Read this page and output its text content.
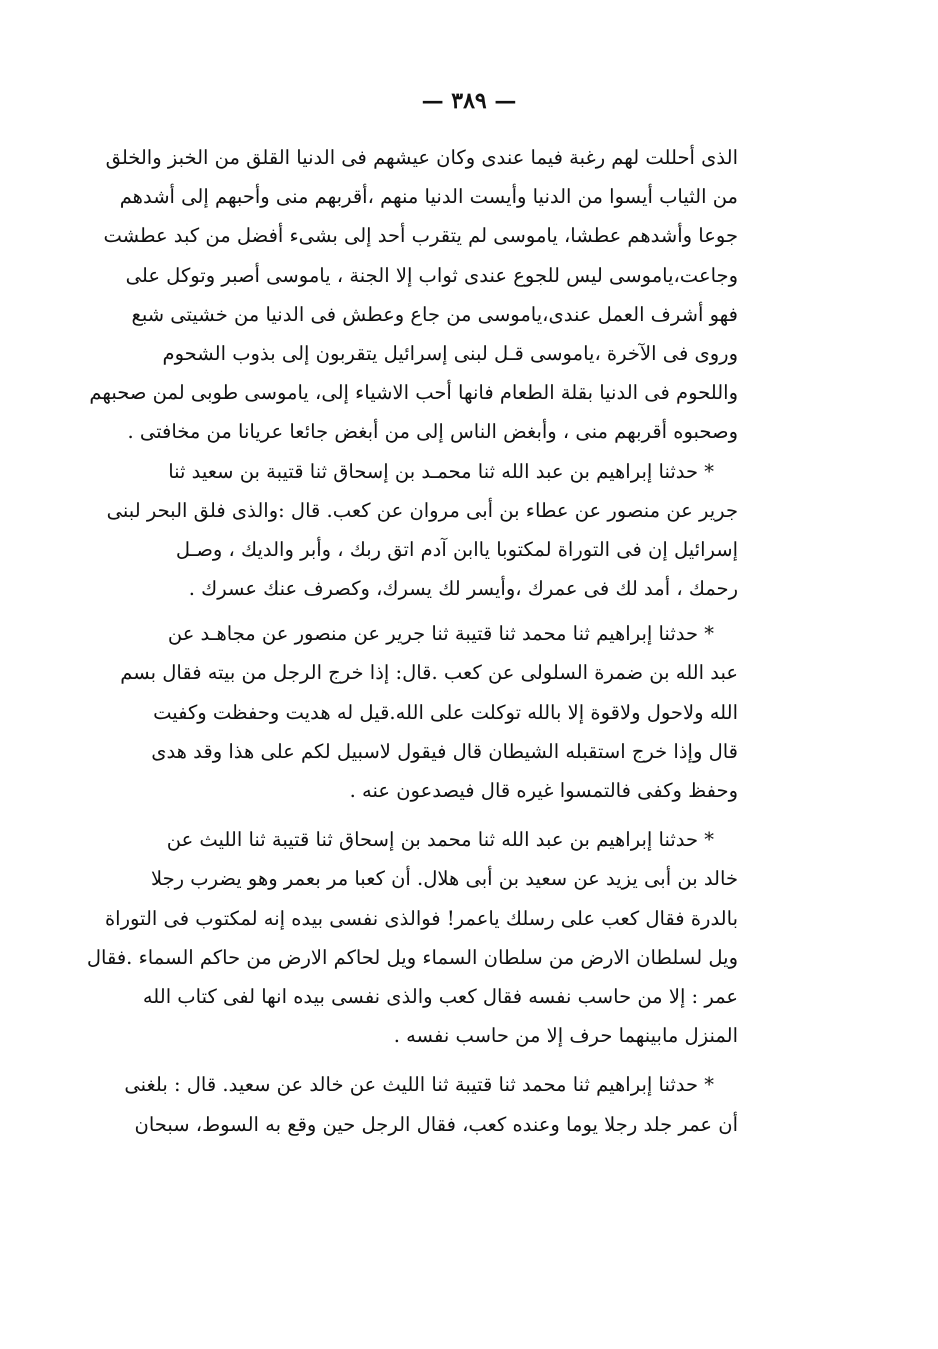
— ٣٨٩ —
الذى أحللت لهم رغبة فيما عندى وكان عيشهم فى الدنيا القلق من الخبز والخلق
من الثياب أيسوا من الدنيا وأيست الدنيا منهم ،أقربهم منى وأحبهم إلى أشدهم
جوعا وأشدهم عطشا، ياموسى لم يتقرب أحد إلى بشىء أفضل من كبد عطشت
وجاعت،ياموسى ليس للجوع عندى ثواب إلا الجنة ، ياموسى أصبر وتوكل على
فهو أشرف العمل عندى،ياموسى من جاع وعطش فى الدنيا من خشيتى شبع
وروى فى الآخرة ،ياموسى قـل لبنى إسرائيل يتقربون إلى بذوب الشحوم
واللحوم فى الدنيا بقلة الطعام فانها أحب الاشياء إلى، ياموسى طوبى لمن صحبهم
وصحبوه أقربهم منى ، وأبغض الناس إلى من أبغض جائعا عريانا من مخافتى .
* حدثنا إبراهيم بن عبد الله ثنا محمـد بن إسحاق ثنا قتيبة بن سعيد ثنا
جرير عن منصور عن عطاء بن أبى مروان عن كعب. قال :والذى فلق البحر لبنى
إسرائيل إن فى التوراة لمكتوبا ياابن آدم اتق ربك ، وأبر والديك ، وصـل
رحمك ، أمد لك فى عمرك ،وأيسر لك يسرك، وكصرف عنك عسرك .
* حدثنا إبراهيم ثنا محمد ثنا قتيبة ثنا جرير عن منصور عن مجاهـد عن
عبد الله بن ضمرة السلولى عن كعب .قال: إذا خرج الرجل من بيته فقال بسم
الله ولاحول ولاقوة إلا بالله توكلت على الله.قيل له هديت وحفظت وكفيت
قال وإذا خرج استقبله الشيطان قال فيقول لاسبيل لكم على هذا وقد هدى
وحفظ وكفى فالتمسوا غيره قال فيصدعون عنه .
* حدثنا إبراهيم بن عبد الله ثنا محمد بن إسحاق ثنا قتيبة ثنا الليث عن
خالد بن أبى يزيد عن سعيد بن أبى هلال. أن كعبا مر بعمر وهو يضرب رجلا
بالدرة فقال كعب على رسلك ياعمر! فوالذى نفسى بيده إنه لمكتوب فى التوراة
ويل لسلطان الارض من سلطان السماء ويل لحاكم الارض من حاكم السماء .فقال
عمر : إلا من حاسب نفسه فقال كعب والذى نفسى بيده انها لفى كتاب الله
المنزل مابينهما حرف إلا من حاسب نفسه .
* حدثنا إبراهيم ثنا محمد ثنا قتيبة ثنا الليث عن خالد عن سعيد. قال : بلغنى
أن عمر جلد رجلا يوما وعنده كعب، فقال الرجل حين وقع به السوط، سبحان
